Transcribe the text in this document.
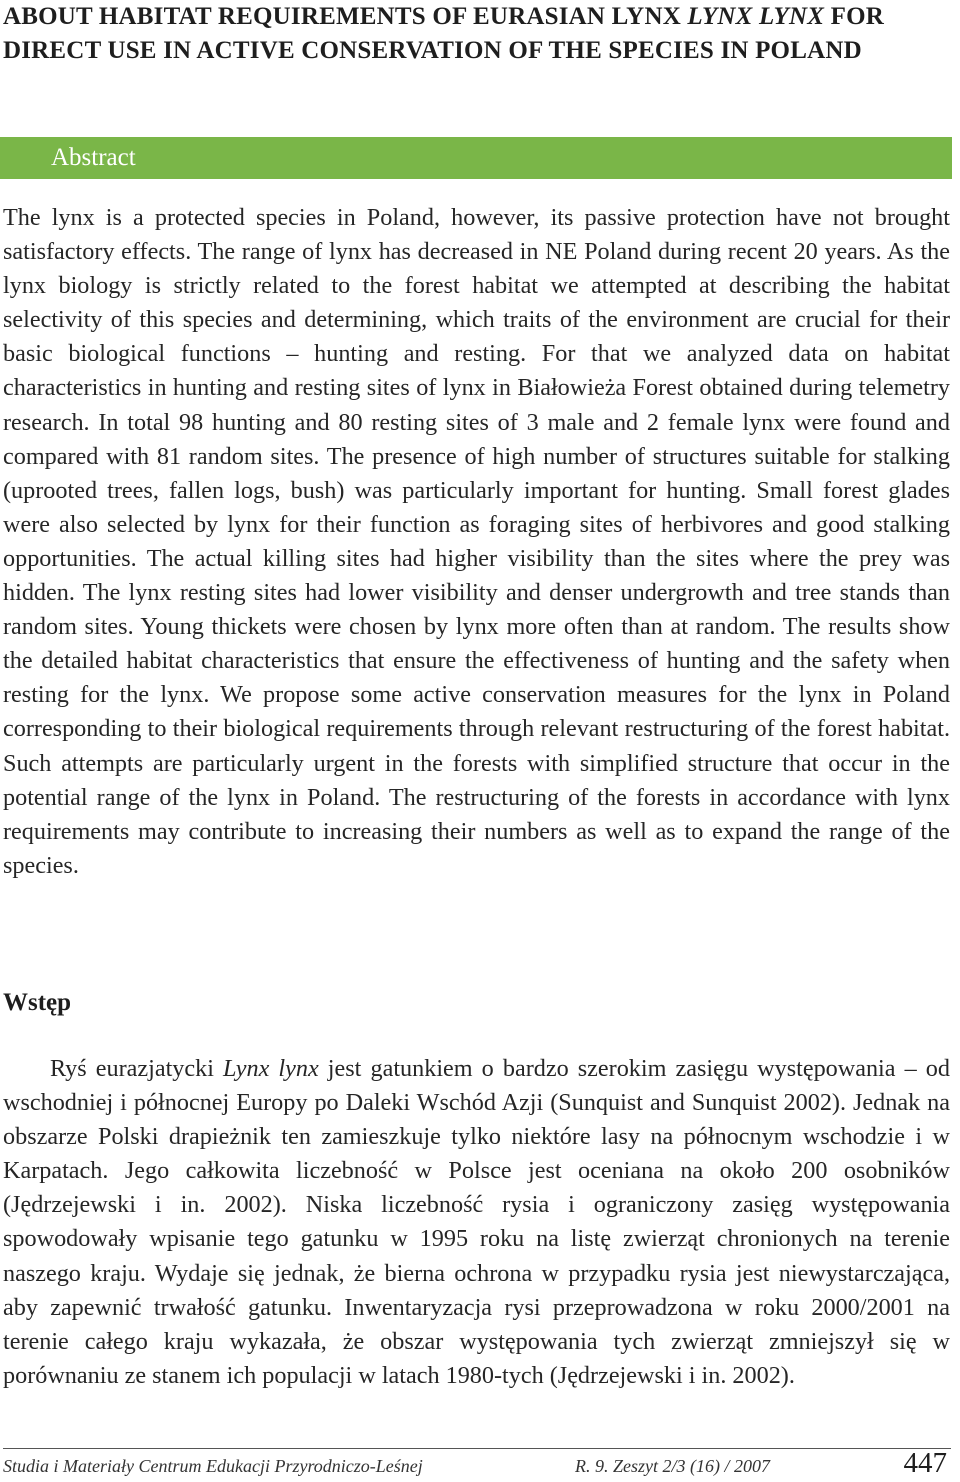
ABOUT HABITAT REQUIREMENTS OF EURASIAN LYNX LYNX LYNX FOR DIRECT USE IN ACTIVE CONSERVATION OF THE SPECIES IN POLAND
Abstract

The lynx is a protected species in Poland, however, its passive protection have not brought satisfactory effects. The range of lynx has decreased in NE Poland during recent 20 years. As the lynx biology is strictly related to the forest habitat we attempted at describing the habitat selectivity of this species and determining, which traits of the environment are crucial for their basic biological functions – hunting and resting. For that we analyzed data on habitat characteristics in hunting and resting sites of lynx in Białowieża Forest obtained during telemetry research. In total 98 hunting and 80 resting sites of 3 male and 2 female lynx were found and compared with 81 random sites. The presence of high number of structures suitable for stalking (uprooted trees, fallen logs, bush) was particularly important for hunting. Small forest glades were also selected by lynx for their function as foraging sites of herbivores and good stalking opportunities. The actual killing sites had higher visibility than the sites where the prey was hidden. The lynx resting sites had lower visibility and denser undergrowth and tree stands than random sites. Young thickets were chosen by lynx more often than at random. The results show the detailed habitat characteristics that ensure the effectiveness of hunting and the safety when resting for the lynx. We propose some active conservation measures for the lynx in Poland corresponding to their biological requirements through relevant restructuring of the forest habitat. Such attempts are particularly urgent in the forests with simplified structure that occur in the potential range of the lynx in Poland. The restructuring of the forests in accordance with lynx requirements may contribute to increasing their numbers as well as to expand the range of the species.

Wstęp

Ryś eurazjatycki Lynx lynx jest gatunkiem o bardzo szerokim zasięgu występowania – od wschodniej i północnej Europy po Daleki Wschód Azji (Sunquist and Sunquist 2002). Jednak na obszarze Polski drapieżnik ten zamieszkuje tylko niektóre lasy na północnym wschodzie i w Karpatach. Jego całkowita liczebność w Polsce jest oceniana na około 200 osobników (Jędrzejewski i in. 2002). Niska liczebność rysia i ograniczony zasięg występowania spowodowały wpisanie tego gatunku w 1995 roku na listę zwierząt chronionych na terenie naszego kraju. Wydaje się jednak, że bierna ochrona w przypadku rysia jest niewystarczająca, aby zapewnić trwałość gatunku. Inwentaryzacja rysi przeprowadzona w roku 2000/2001 na terenie całego kraju wykazała, że obszar występowania tych zwierząt zmniejszył się w porównaniu ze stanem ich populacji w latach 1980-tych (Jędrzejewski i in. 2002).

Studia i Materiały Centrum Edukacji Przyrodniczo-Leśnej	R. 9. Zeszyt 2/3 (16) / 2007	447
